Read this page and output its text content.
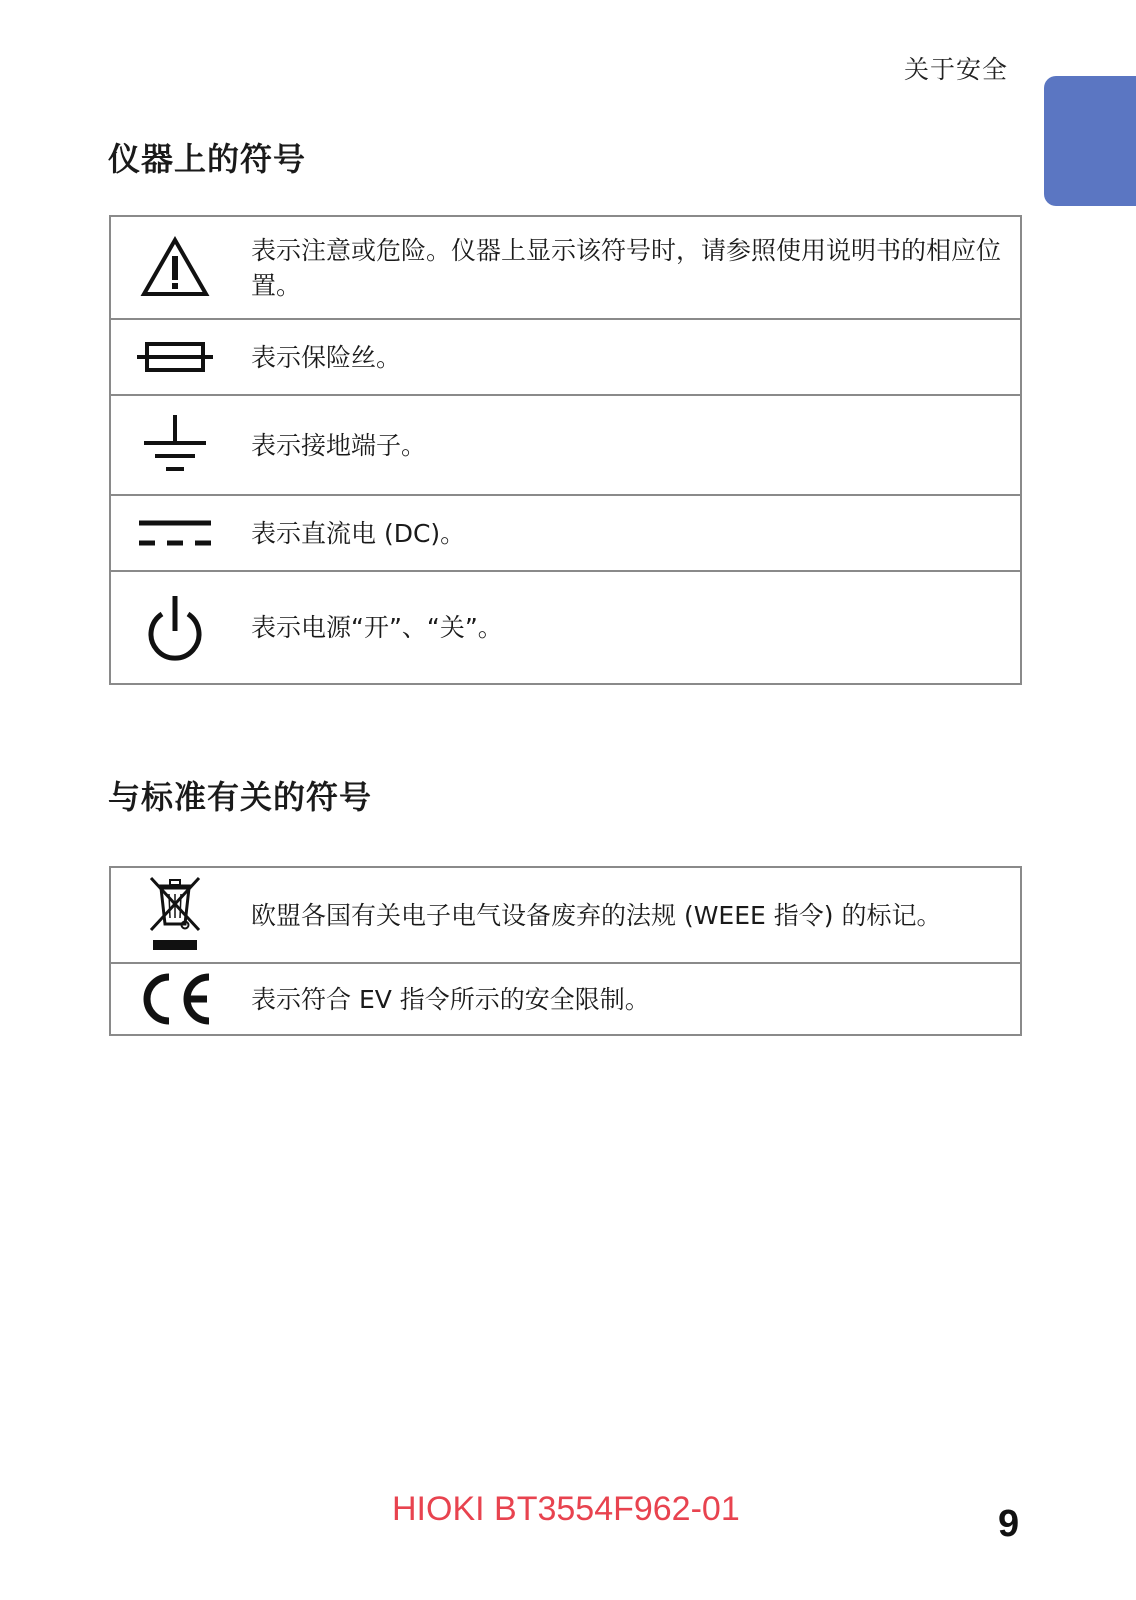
关于安全
仪器上的符号
表示注意或危险。仪器上显示该符号时，请参照使用说明书的相应位置。
表示保险丝。
表示接地端子。
表示直流电 (DC)。
表示电源“开”、“关”。
与标准有关的符号
欧盟各国有关电子电气设备废弃的法规 (WEEE 指令) 的标记。
表示符合 EV 指令所示的安全限制。
HIOKI BT3554F962-01	9
